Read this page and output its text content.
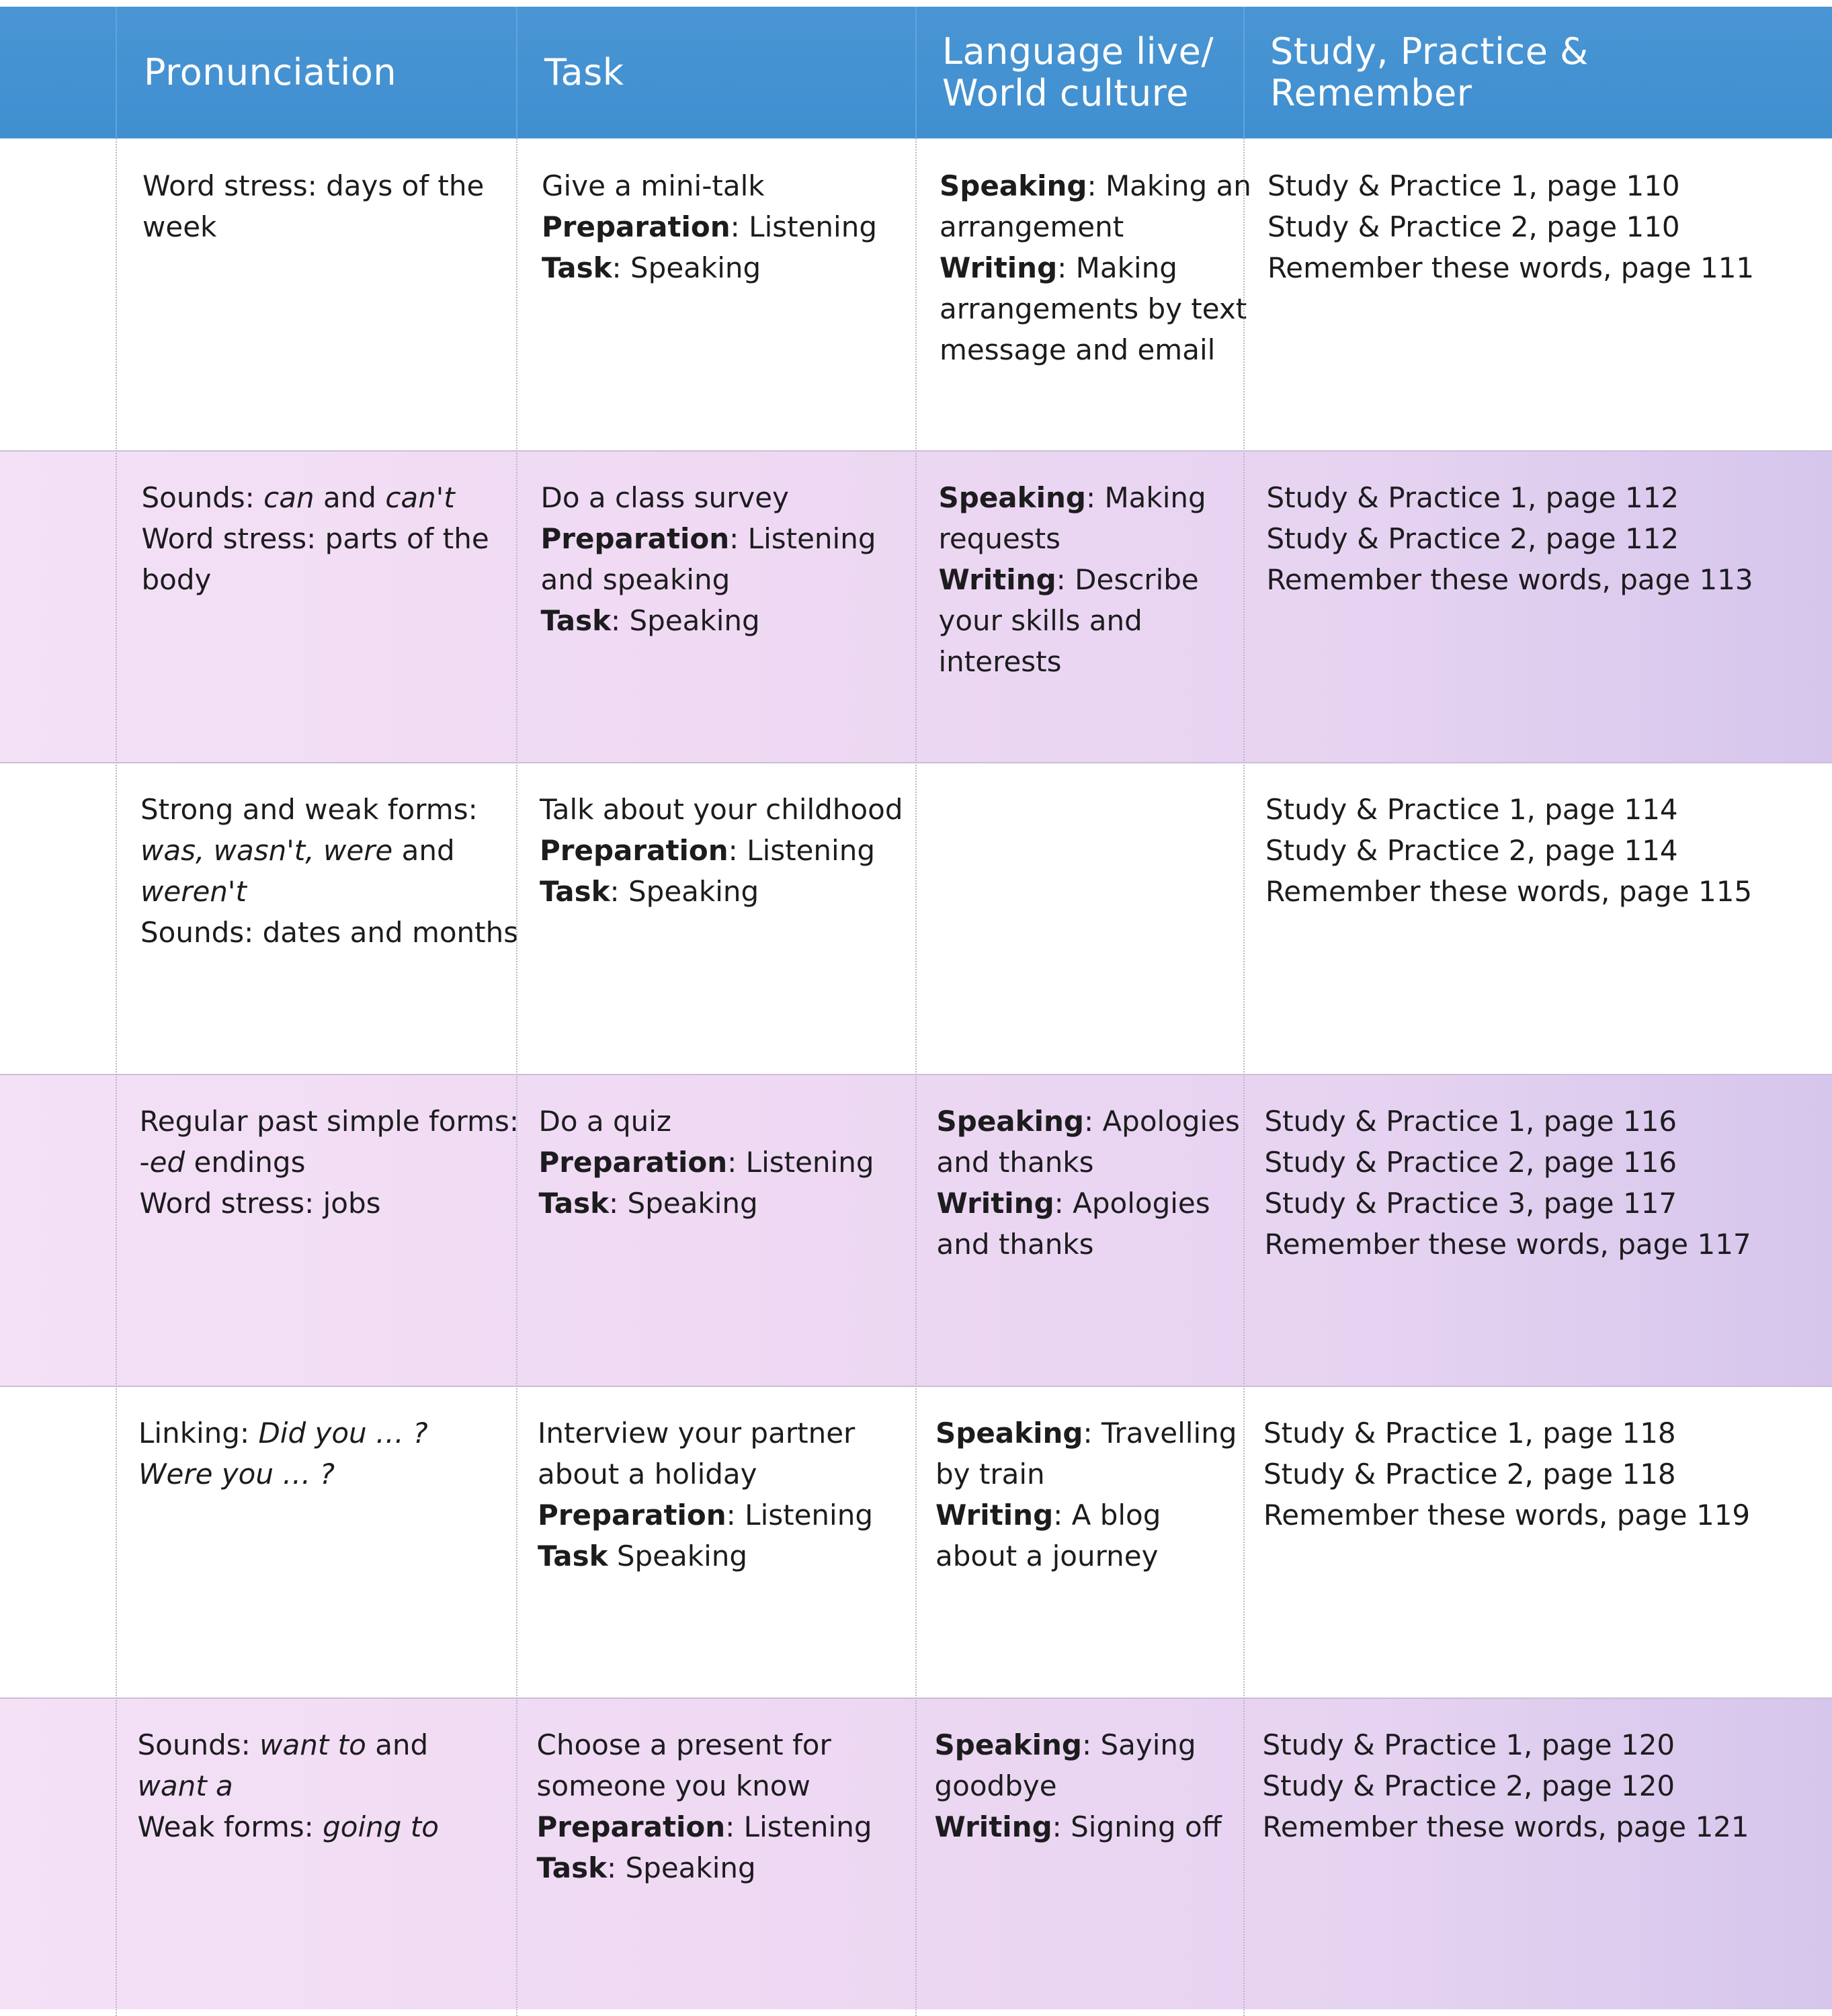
Pronunciation	Task	Language live/
World culture
Study, Practice &
Remember
Word stress: days of the
week
Give a mini-talk
Preparation: Listening
Task: Speaking
Speaking: Making an
arrangement
Writing: Making
arrangements by text
message and email
Study & Practice 1, page 110
Study & Practice 2, page 110
Remember these words, page 111
Sounds: can and can't
Word stress: parts of the
body
Do a class survey
Preparation: Listening
and speaking
Task: Speaking
Speaking: Making
requests
Writing: Describe
your skills and
interests
Study & Practice 1, page 112
Study & Practice 2, page 112
Remember these words, page 113
Strong and weak forms:
was, wasn't, were and
weren't
Sounds: dates and months
Talk about your childhood
Preparation: Listening
Task: Speaking
Study & Practice 1, page 114
Study & Practice 2, page 114
Remember these words, page 115
Regular past simple forms:
-ed endings
Word stress: jobs
Do a quiz
Preparation: Listening
Task: Speaking
Speaking: Apologies
and thanks
Writing: Apologies
and thanks
Study & Practice 1, page 116
Study & Practice 2, page 116
Study & Practice 3, page 117
Remember these words, page 117
Linking: Did you … ?
Were you … ?
Interview your partner
about a holiday
Preparation: Listening
Task Speaking
Speaking: Travelling
by train
Writing: A blog
about a journey
Study & Practice 1, page 118
Study & Practice 2, page 118
Remember these words, page 119
Sounds: want to and
want a
Weak forms: going to
Choose a present for
someone you know
Preparation: Listening
Task: Speaking
Speaking: Saying
goodbye
Writing: Signing off
Study & Practice 1, page 120
Study & Practice 2, page 120
Remember these words, page 121
